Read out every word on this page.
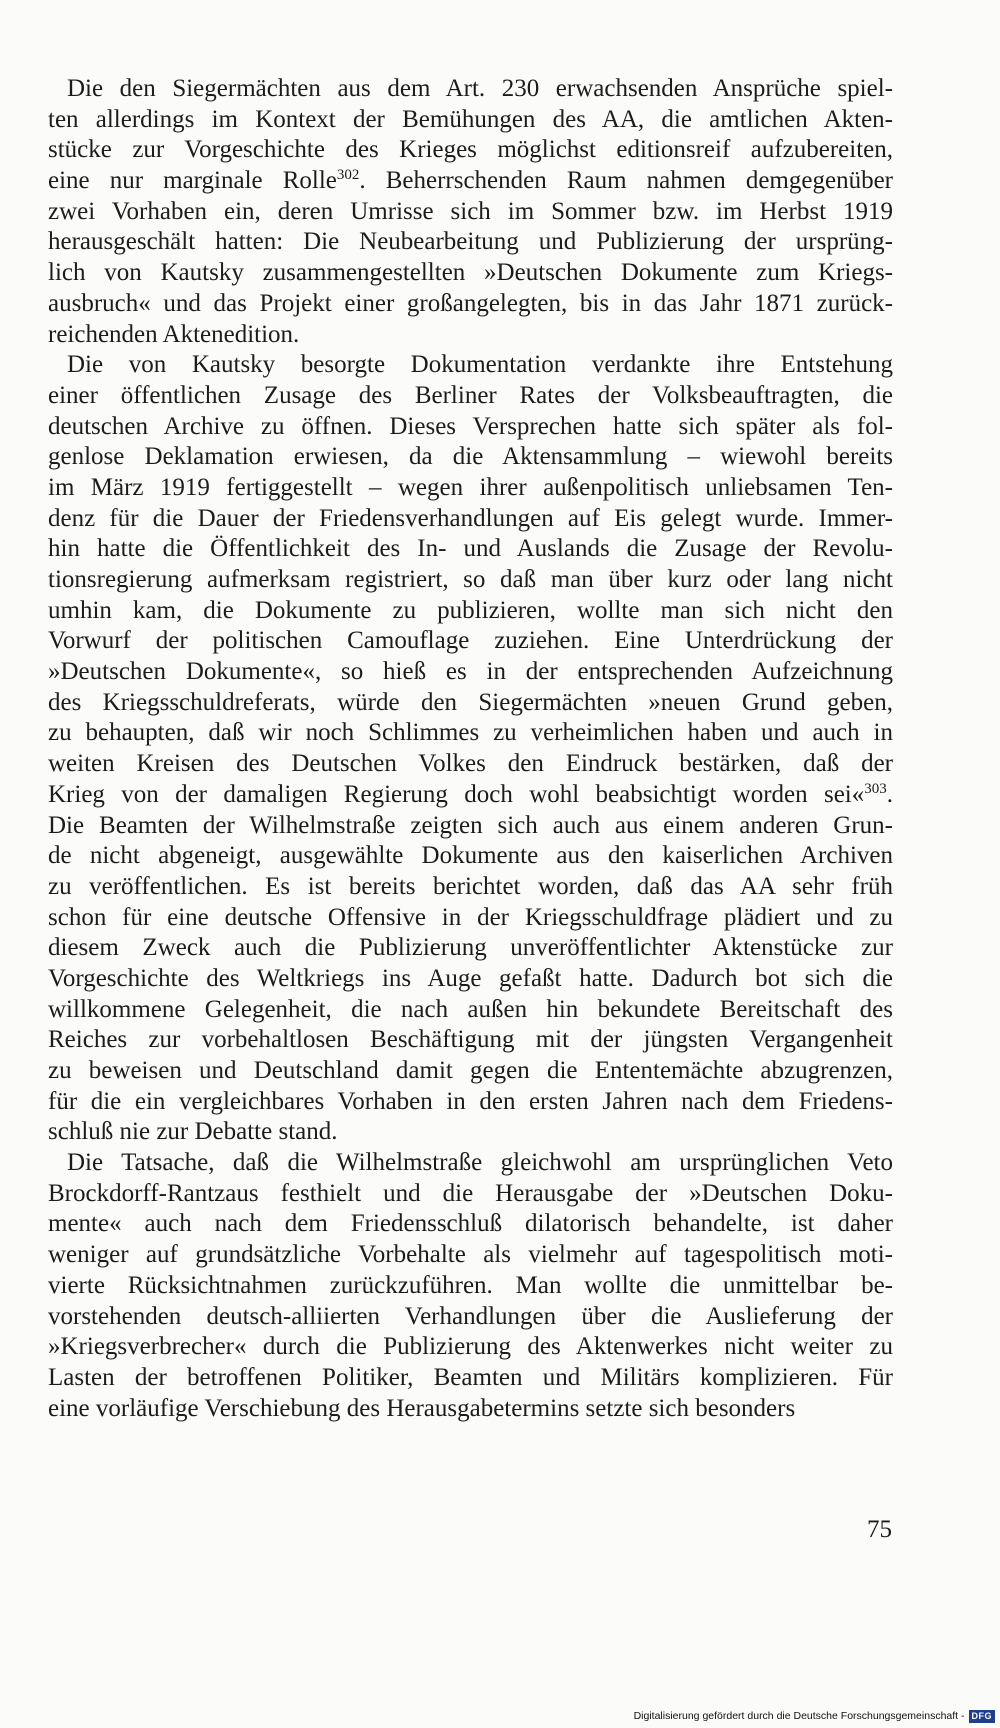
Die den Siegermächten aus dem Art. 230 erwachsenden Ansprüche spiel-
ten allerdings im Kontext der Bemühungen des AA, die amtlichen Akten-
stücke zur Vorgeschichte des Krieges möglichst editionsreif aufzubereiten,
eine nur marginale Rolle$^{302}$. Beherrschenden Raum nahmen demgegenüber
zwei Vorhaben ein, deren Umrisse sich im Sommer bzw. im Herbst 1919
herausgeschält hatten: Die Neubearbeitung und Publizierung der ursprüng-
lich von Kautsky zusammengestellten »Deutschen Dokumente zum Kriegs-
ausbruch« und das Projekt einer großangelegten, bis in das Jahr 1871 zurück-
reichenden Aktenedition.
Die von Kautsky besorgte Dokumentation verdankte ihre Entstehung
einer öffentlichen Zusage des Berliner Rates der Volksbeauftragten, die
deutschen Archive zu öffnen. Dieses Versprechen hatte sich später als fol-
genlose Deklamation erwiesen, da die Aktensammlung – wiewohl bereits
im März 1919 fertiggestellt – wegen ihrer außenpolitisch unliebsamen Ten-
denz für die Dauer der Friedensverhandlungen auf Eis gelegt wurde. Immer-
hin hatte die Öffentlichkeit des In- und Auslands die Zusage der Revolu-
tionsregierung aufmerksam registriert, so daß man über kurz oder lang nicht
umhin kam, die Dokumente zu publizieren, wollte man sich nicht den
Vorwurf der politischen Camouflage zuziehen. Eine Unterdrückung der
»Deutschen Dokumente«, so hieß es in der entsprechenden Aufzeichnung
des Kriegsschuldreferats, würde den Siegermächten »neuen Grund geben,
zu behaupten, daß wir noch Schlimmes zu verheimlichen haben und auch in
weiten Kreisen des Deutschen Volkes den Eindruck bestärken, daß der
Krieg von der damaligen Regierung doch wohl beabsichtigt worden sei«$^{303}$.
Die Beamten der Wilhelmstraße zeigten sich auch aus einem anderen Grun-
de nicht abgeneigt, ausgewählte Dokumente aus den kaiserlichen Archiven
zu veröffentlichen. Es ist bereits berichtet worden, daß das AA sehr früh
schon für eine deutsche Offensive in der Kriegsschuldfrage plädiert und zu
diesem Zweck auch die Publizierung unveröffentlichter Aktenstücke zur
Vorgeschichte des Weltkriegs ins Auge gefaßt hatte. Dadurch bot sich die
willkommene Gelegenheit, die nach außen hin bekundete Bereitschaft des
Reiches zur vorbehaltlosen Beschäftigung mit der jüngsten Vergangenheit
zu beweisen und Deutschland damit gegen die Ententemächte abzugrenzen,
für die ein vergleichbares Vorhaben in den ersten Jahren nach dem Friedens-
schluß nie zur Debatte stand.
Die Tatsache, daß die Wilhelmstraße gleichwohl am ursprünglichen Veto
Brockdorff-Rantzaus festhielt und die Herausgabe der »Deutschen Doku-
mente« auch nach dem Friedensschluß dilatorisch behandelte, ist daher
weniger auf grundsätzliche Vorbehalte als vielmehr auf tagespolitisch moti-
vierte Rücksichtnahmen zurückzuführen. Man wollte die unmittelbar be-
vorstehenden deutsch-alliierten Verhandlungen über die Auslieferung der
»Kriegsverbrecher« durch die Publizierung des Aktenwerkes nicht weiter zu
Lasten der betroffenen Politiker, Beamten und Militärs komplizieren. Für
eine vorläufige Verschiebung des Herausgabetermins setzte sich besonders
75
Digitalisierung gefördert durch die Deutsche Forschungsgemeinschaft - DFG
